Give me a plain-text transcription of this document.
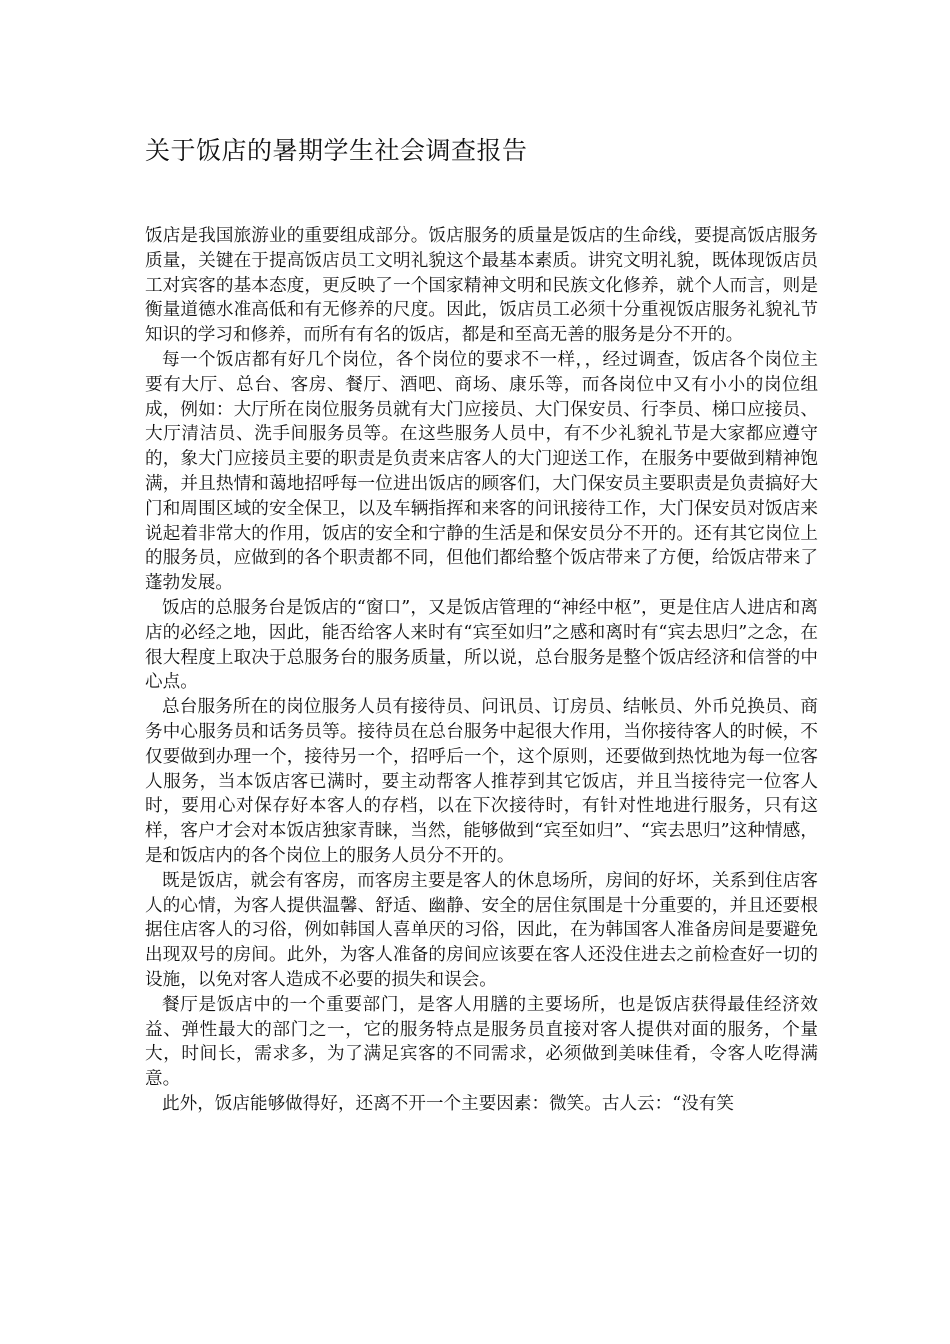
关于饭店的暑期学生社会调查报告

饭店是我国旅游业的重要组成部分。饭店服务的质量是饭店的生命线，要提高饭店服务质量，关键在于提高饭店员工文明礼貌这个最基本素质。讲究文明礼貌，既体现饭店员工对宾客的基本态度，更反映了一个国家精神文明和民族文化修养，就个人而言，则是衡量道德水准高低和有无修养的尺度。因此，饭店员工必须十分重视饭店服务礼貌礼节知识的学习和修养，而所有有名的饭店，都是和至高无善的服务是分不开的。

每一个饭店都有好几个岗位，各个岗位的要求不一样，，经过调查，饭店各个岗位主要有大厅、总台、客房、餐厅、酒吧、商场、康乐等，而各岗位中又有小小的岗位组成，例如：大厅所在岗位服务员就有大门应接员、大门保安员、行李员、梯口应接员、大厅清洁员、洗手间服务员等。在这些服务人员中，有不少礼貌礼节是大家都应遵守的，象大门应接员主要的职责是负责来店客人的大门迎送工作，在服务中要做到精神饱满，并且热情和蔼地招呼每一位进出饭店的顾客们，大门保安员主要职责是负责搞好大门和周围区域的安全保卫，以及车辆指挥和来客的问讯接待工作，大门保安员对饭店来说起着非常大的作用，饭店的安全和宁静的生活是和保安员分不开的。还有其它岗位上的服务员，应做到的各个职责都不同，但他们都给整个饭店带来了方便，给饭店带来了蓬勃发展。

饭店的总服务台是饭店的“窗口”，又是饭店管理的“神经中枢”，更是住店人进店和离店的必经之地，因此，能否给客人来时有“宾至如归”之感和离时有“宾去思归”之念，在很大程度上取决于总服务台的服务质量，所以说，总台服务是整个饭店经济和信誉的中心点。

总台服务所在的岗位服务人员有接待员、问讯员、订房员、结帐员、外币兑换员、商务中心服务员和话务员等。接待员在总台服务中起很大作用，当你接待客人的时候，不仅要做到办理一个，接待另一个，招呼后一个，这个原则，还要做到热忱地为每一位客人服务，当本饭店客已满时，要主动帮客人推荐到其它饭店，并且当接待完一位客人时，要用心对保存好本客人的存档，以在下次接待时，有针对性地进行服务，只有这样，客户才会对本饭店独家青睐，当然，能够做到“宾至如归”、“宾去思归”这种情感，是和饭店内的各个岗位上的服务人员分不开的。

既是饭店，就会有客房，而客房主要是客人的休息场所，房间的好坏，关系到住店客人的心情，为客人提供温馨、舒适、幽静、安全的居住氛围是十分重要的，并且还要根据住店客人的习俗，例如韩国人喜单厌的习俗，因此，在为韩国客人准备房间是要避免出现双号的房间。此外，为客人准备的房间应该要在客人还没住进去之前检查好一切的设施，以免对客人造成不必要的损失和误会。

餐厅是饭店中的一个重要部门，是客人用膳的主要场所，也是饭店获得最佳经济效益、弹性最大的部门之一，它的服务特点是服务员直接对客人提供对面的服务，个量大，时间长，需求多，为了满足宾客的不同需求，必须做到美味佳肴，令客人吃得满意。

此外，饭店能够做得好，还离不开一个主要因素：微笑。古人云：“没有笑
